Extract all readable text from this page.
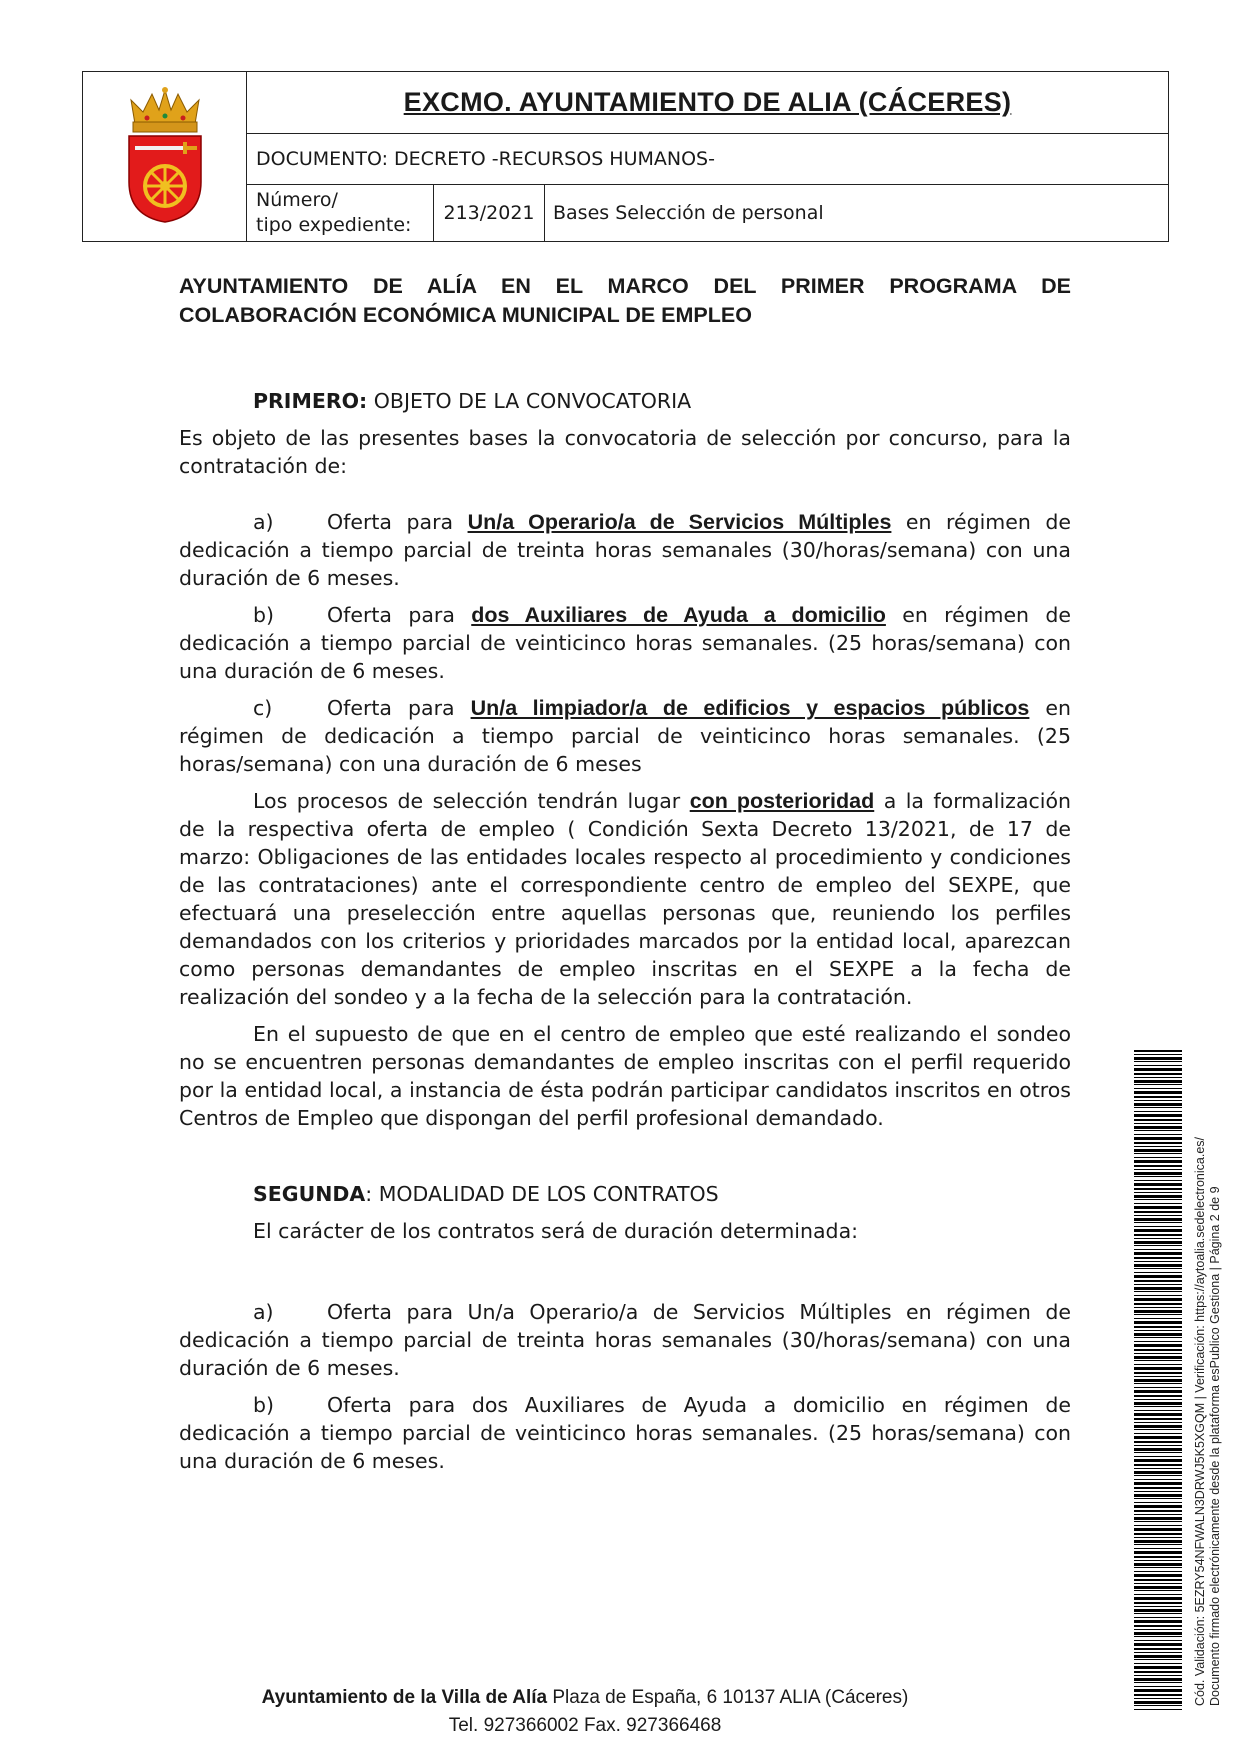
EXCMO. AYUNTAMIENTO DE ALIA (CÁCERES)
DOCUMENTO: DECRETO -RECURSOS HUMANOS-
Número/
tipo expediente:
213/2021 Bases Selección de personal

AYUNTAMIENTO DE ALÍA EN EL MARCO DEL PRIMER PROGRAMA DE COLABORACIÓN ECONÓMICA MUNICIPAL DE EMPLEO

PRIMERO: OBJETO DE LA CONVOCATORIA

Es objeto de las presentes bases la convocatoria de selección por concurso, para la contratación de:

a)	Oferta para Un/a Operario/a de Servicios Múltiples en régimen de dedicación a tiempo parcial de treinta horas semanales (30/horas/semana) con una duración de 6 meses.

b)	Oferta para dos Auxiliares de Ayuda a domicilio en régimen de dedicación a tiempo parcial de veinticinco horas semanales. (25 horas/semana) con una duración de 6 meses.

c)	Oferta para Un/a limpiador/a de edificios y espacios públicos en régimen de dedicación a tiempo parcial de veinticinco horas semanales. (25 horas/semana) con una duración de 6 meses

Los procesos de selección tendrán lugar con posterioridad a la formalización de la respectiva oferta de empleo ( Condición Sexta Decreto 13/2021, de 17 de marzo: Obligaciones de las entidades locales respecto al procedimiento y condiciones de las contrataciones) ante el correspondiente centro de empleo del SEXPE, que efectuará una preselección entre aquellas personas que, reuniendo los perfiles demandados con los criterios y prioridades marcados por la entidad local, aparezcan como personas demandantes de empleo inscritas en el SEXPE a la fecha de realización del sondeo y a la fecha de la selección para la contratación.

En el supuesto de que en el centro de empleo que esté realizando el sondeo no se encuentren personas demandantes de empleo inscritas con el perfil requerido por la entidad local, a instancia de ésta podrán participar candidatos inscritos en otros Centros de Empleo que dispongan del perfil profesional demandado.

SEGUNDA: MODALIDAD DE LOS CONTRATOS

El carácter de los contratos será de duración determinada:

a)	Oferta para Un/a Operario/a de Servicios Múltiples en régimen de dedicación a tiempo parcial de treinta horas semanales (30/horas/semana) con una duración de 6 meses.

b)	Oferta para dos Auxiliares de Ayuda a domicilio en régimen de dedicación a tiempo parcial de veinticinco horas semanales. (25 horas/semana) con una duración de 6 meses.

Ayuntamiento de la Villa de Alía Plaza de España, 6 10137 ALIA (Cáceres)
Tel. 927366002 Fax. 927366468
Cód. Validación: 5EZRY54NFWALN3DRWJ5K5XGQM | Verificación: https://aytoalia.sedelectronica.es/ Documento firmado electrónicamente desde la plataforma esPublico Gestiona | Página 2 de 9
